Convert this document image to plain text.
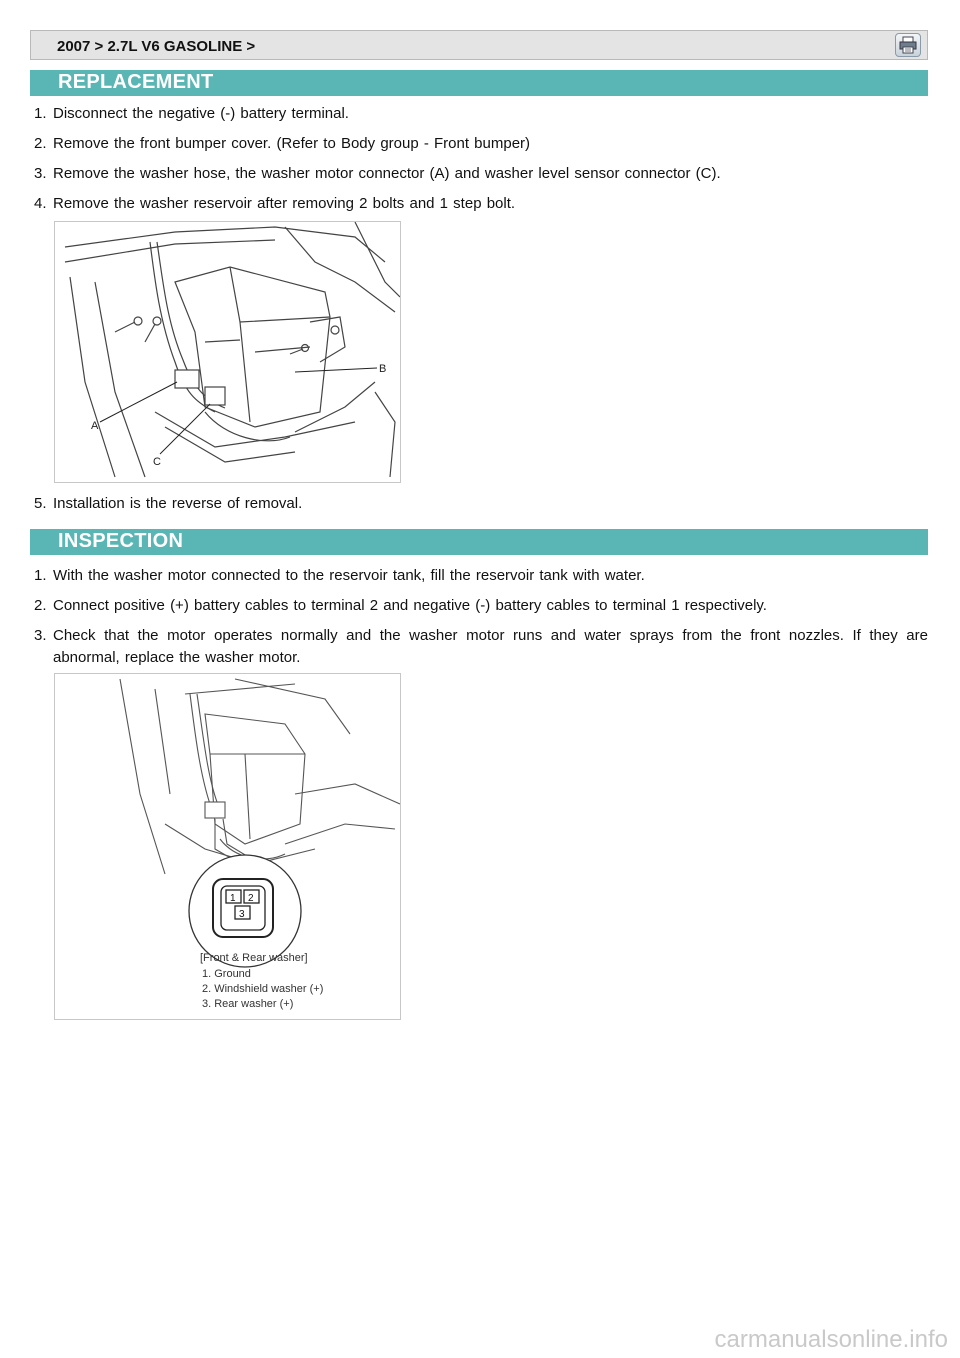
2007 > 2.7L V6 GASOLINE >
REPLACEMENT
1. Disconnect the negative (-) battery terminal.
2. Remove the front bumper cover. (Refer to Body group - Front bumper)
3. Remove the washer hose, the washer motor connector (A) and washer level sensor connector (C).
4. Remove the washer reservoir after removing 2 bolts and 1 step bolt.
A
B
C
5. Installation is the reverse of removal.
INSPECTION
1. With the washer motor connected to the reservoir tank, fill the reservoir tank with water.
2. Connect positive (+) battery cables to terminal 2 and negative (-) battery cables to terminal 1 respectively.
3. Check that the motor operates normally and the washer motor runs and water sprays from the front nozzles. If they are abnormal, replace the washer motor.
1 2
3
[Front & Rear washer]
1. Ground
2. Windshield washer (+)
3. Rear washer (+)
carmanualsonline.info
